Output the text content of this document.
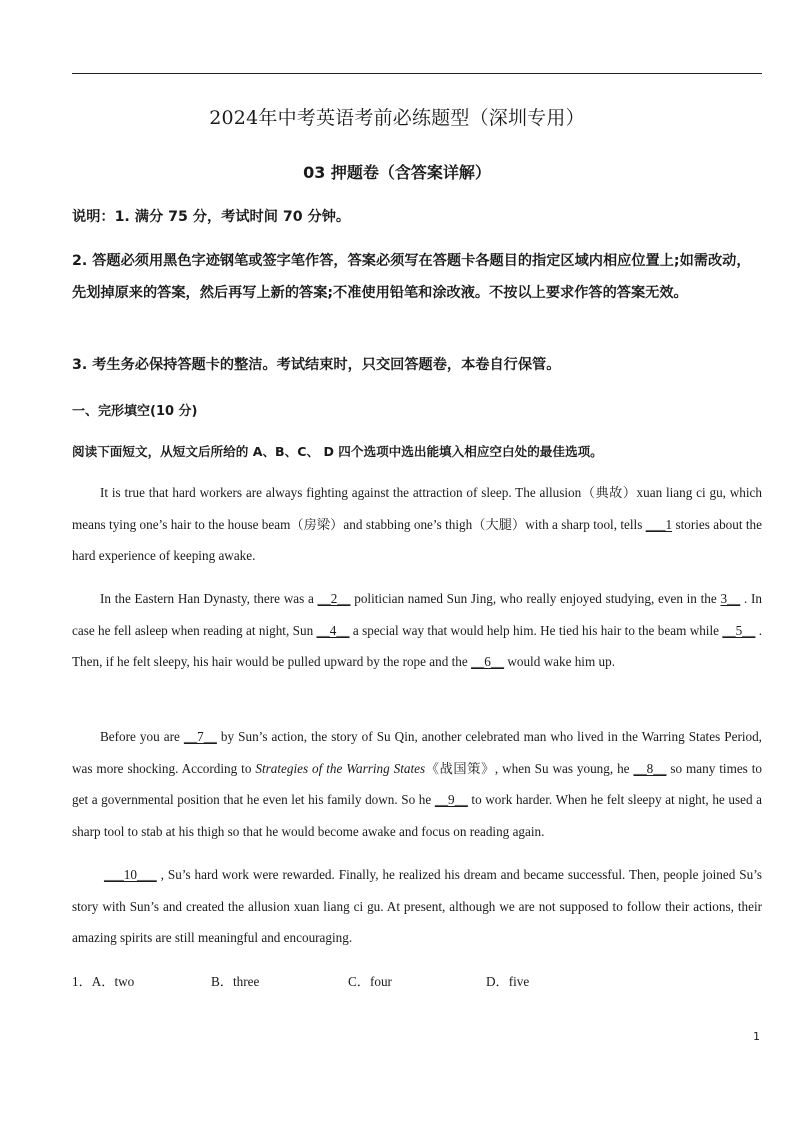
2024年中考英语考前必练题型（深圳专用）
03 押题卷（含答案详解）
说明：1. 满分 75 分，考试时间 70 分钟。
2. 答题必须用黑色字迹钢笔或签字笔作答，答案必须写在答题卡各题目的指定区域内相应位置上;如需改动，先划掉原来的答案，然后再写上新的答案;不准使用铅笔和涂改液。不按以上要求作答的答案无效。
3. 考生务必保持答题卡的整洁。考试结束时，只交回答题卷，本卷自行保管。
一、完形填空(10 分)
阅读下面短文，从短文后所给的 A、B、C、 D 四个选项中选出能填入相应空白处的最佳选项。
It is true that hard workers are always fighting against the attraction of sleep. The allusion（典故）xuan liang ci gu, which means tying one’s hair to the house beam（房梁）and stabbing one’s thigh（大腿）with a sharp tool, tells ___1 stories about the hard experience of keeping awake.
In the Eastern Han Dynasty, there was a __2__ politician named Sun Jing, who really enjoyed studying, even in the 3__ . In case he fell asleep when reading at night, Sun __4__ a special way that would help him. He tied his hair to the beam while __5__ . Then, if he felt sleepy, his hair would be pulled upward by the rope and the __6__ would wake him up.
Before you are __7__ by Sun’s action, the story of Su Qin, another celebrated man who lived in the Warring States Period, was more shocking. According to Strategies of the Warring States《战国策》, when Su was young, he __8__ so many times to get a governmental position that he even let his family down. So he __9__ to work harder. When he felt sleepy at night, he used a sharp tool to stab at his thigh so that he would become awake and focus on reading again.
___10___ , Su’s hard work were rewarded. Finally, he realized his dream and became successful. Then, people joined Su’s story with Sun’s and created the allusion xuan liang ci gu. At present, although we are not supposed to follow their actions, their amazing spirits are still meaningful and encouraging.
1．A．two	B．three	C．four	D．five
1
